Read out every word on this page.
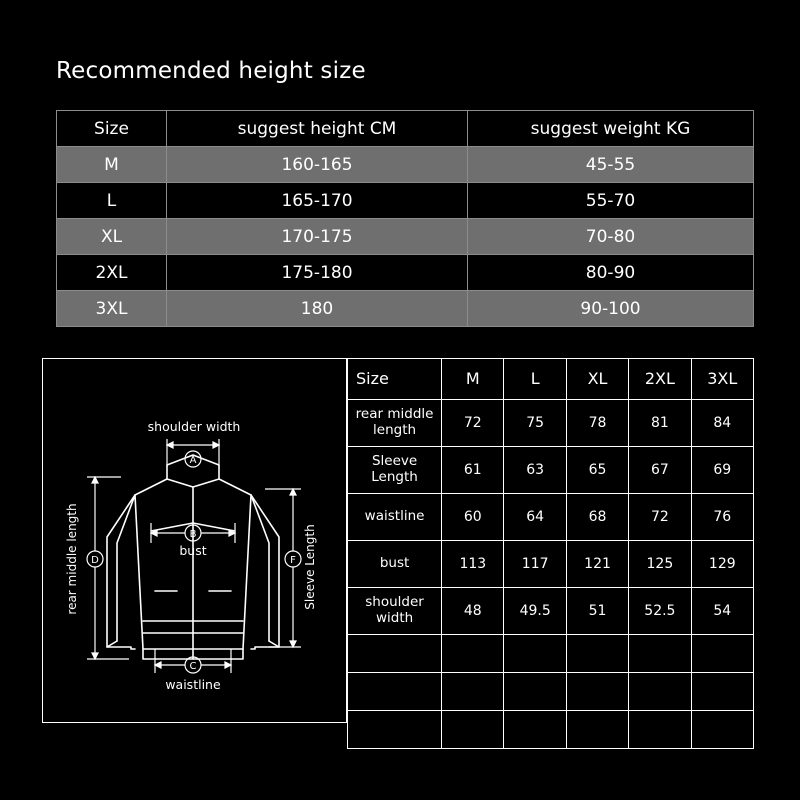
Recommended height size
Size	suggest height CM	suggest weight KG
M	160-165	45-55
L	165-170	55-70
XL	170-175	70-80
2XL	175-180	80-90
3XL	180	90-100
shoulder width
A
B
bust
C
waistline
D
rear middle length	F Sleeve Length
Size	M	L	XL	2XL	3XL
rear middle length	72	75	78	81	84
Sleeve Length	61	63	65	67	69
waistline	60	64	68	72	76
bust	113	117	121	125	129
shoulder width	48	49.5	51	52.5	54
